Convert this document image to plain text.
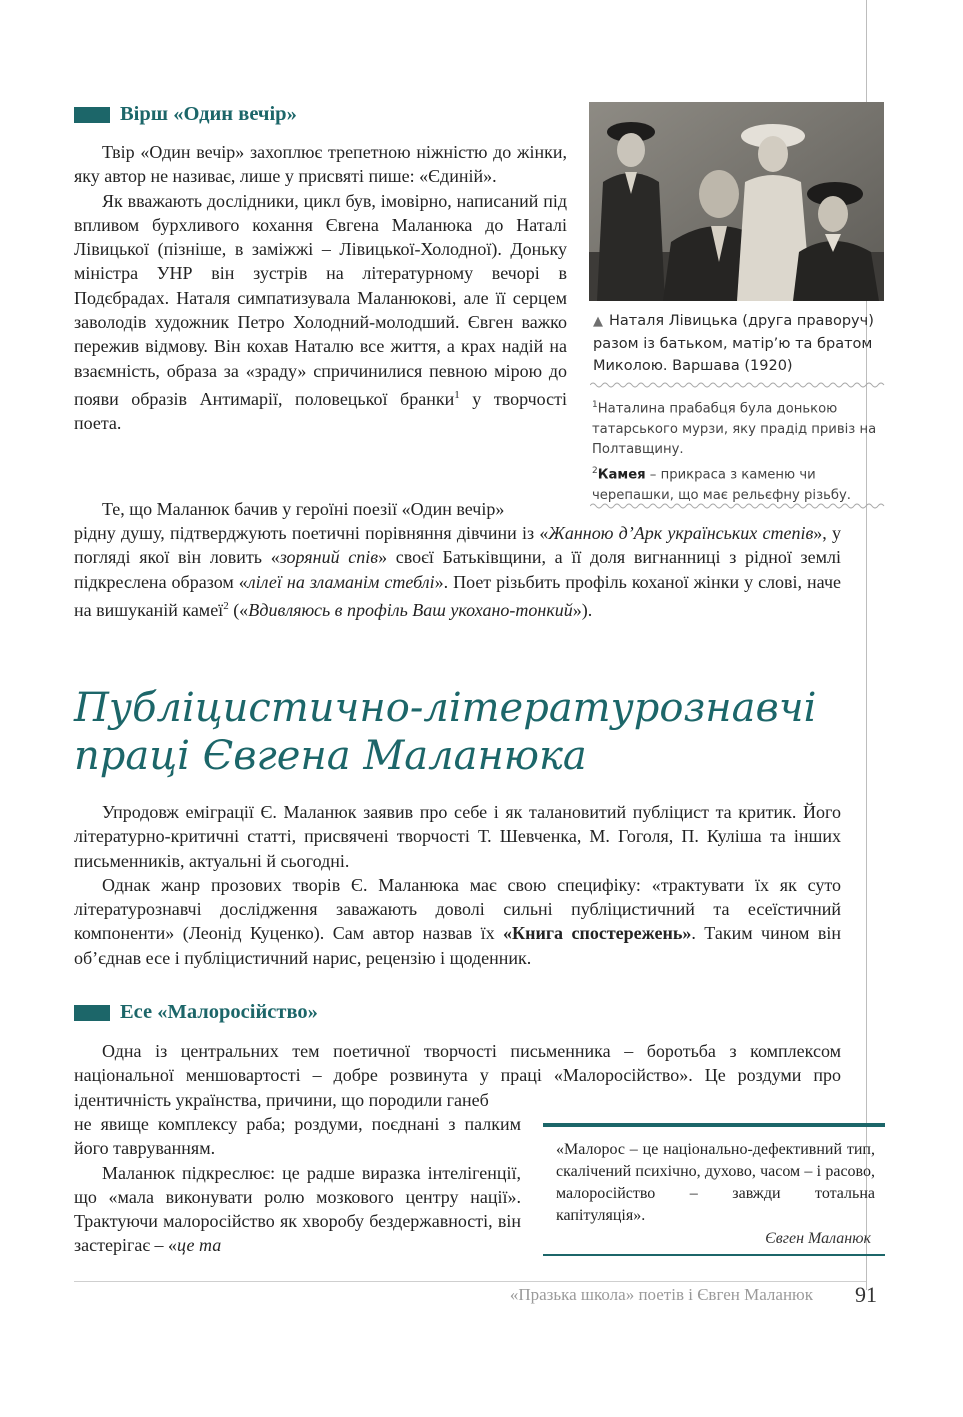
Вірш «Один вечір»

Твір «Один вечір» захоплює трепетною ніжністю до жінки, яку автор не називає, лише у присвяті пише: «Єдиній».

Як вважають дослідники, цикл був, імовірно, написаний під впливом бурхливого кохання Євгена Маланюка до Наталі Лівицької (пізніше, в заміжжі – Лівицької-Холодної). Доньку міністра УНР він зустрів на літературному вечорі в Подєбрадах. Наталя симпатизувала Маланюкові, але її серцем заволодів художник Петро Холодний-молодший. Євген важко пережив відмову. Він кохав Наталю все життя, а крах надій на взаємність, образа за «зраду» спричинилися певною мірою до появи образів Антимарії, половецької бранки$^1$ у творчості поета.

Те, що Маланюк бачив у героїні поезії «Один вечір»

рідну душу, підтверджують поетичні порівняння дівчини із «Жанною д’Арк українських степів», у погляді якої він ловить «зоряний спів» своєї Батьківщини, а її доля вигнанниці з рідної землі підкреслена образом «лілеї на зламанім стеблі». Поет різьбить профіль коханої жінки у слові, наче на вишуканій камеї$^2$ («Вдивляюсь в профіль Ваш укохано-тонкий»).

▲ Наталя Лівицька (друга праворуч) разом із батьком, матір’ю та братом Миколою. Варшава (1920)

$^1$Наталина прабабця була донькою татарського мурзи, яку прадід привіз на Полтавщину.

$^2$Камея – прикраса з каменю чи черепашки, що має рельєфну різьбу.

Публіцистично-літературознавчі
праці Євгена Маланюка

Упродовж еміграції Є. Маланюк заявив про себе і як талановитий публіцист та критик. Його літературно-критичні статті, присвячені творчості Т. Шевченка, М. Гоголя, П. Куліша та інших письменників, актуальні й сьогодні.

Однак жанр прозових творів Є. Маланюка має свою специфіку: «трактувати їх як суто літературознавчі дослідження заважають доволі сильні публіцистичний та есеїстичний компоненти» (Леонід Куценко). Сам автор назвав їх «Книга спостережень». Таким чином він об’єднав есе і публіцистичний нарис, рецензію і щоденник.

Есе «Малоросійство»

Одна із центральних тем поетичної творчості письменника – боротьба з комплексом національної меншовартості – добре розвинута у праці «Малоросійство». Це роздуми про ідентичність українства, причини, що породили ганеб

не явище комплексу раба; роздуми, поєднані з палким його тавруванням.

Маланюк підкреслює: це радше виразка інтелігенції, що «мала виконувати ролю мозкового центру нації». Трактуючи малоросійство як хворобу бездержавності, він застерігає – «це та

«Малорос – це національно-дефективний тип, скалічений психічно, духово, часом – і расово, малоросійство – завжди тотальна капітуляція».
Євген Маланюк
«Празька школа» поетів і Євген Маланюк 91
